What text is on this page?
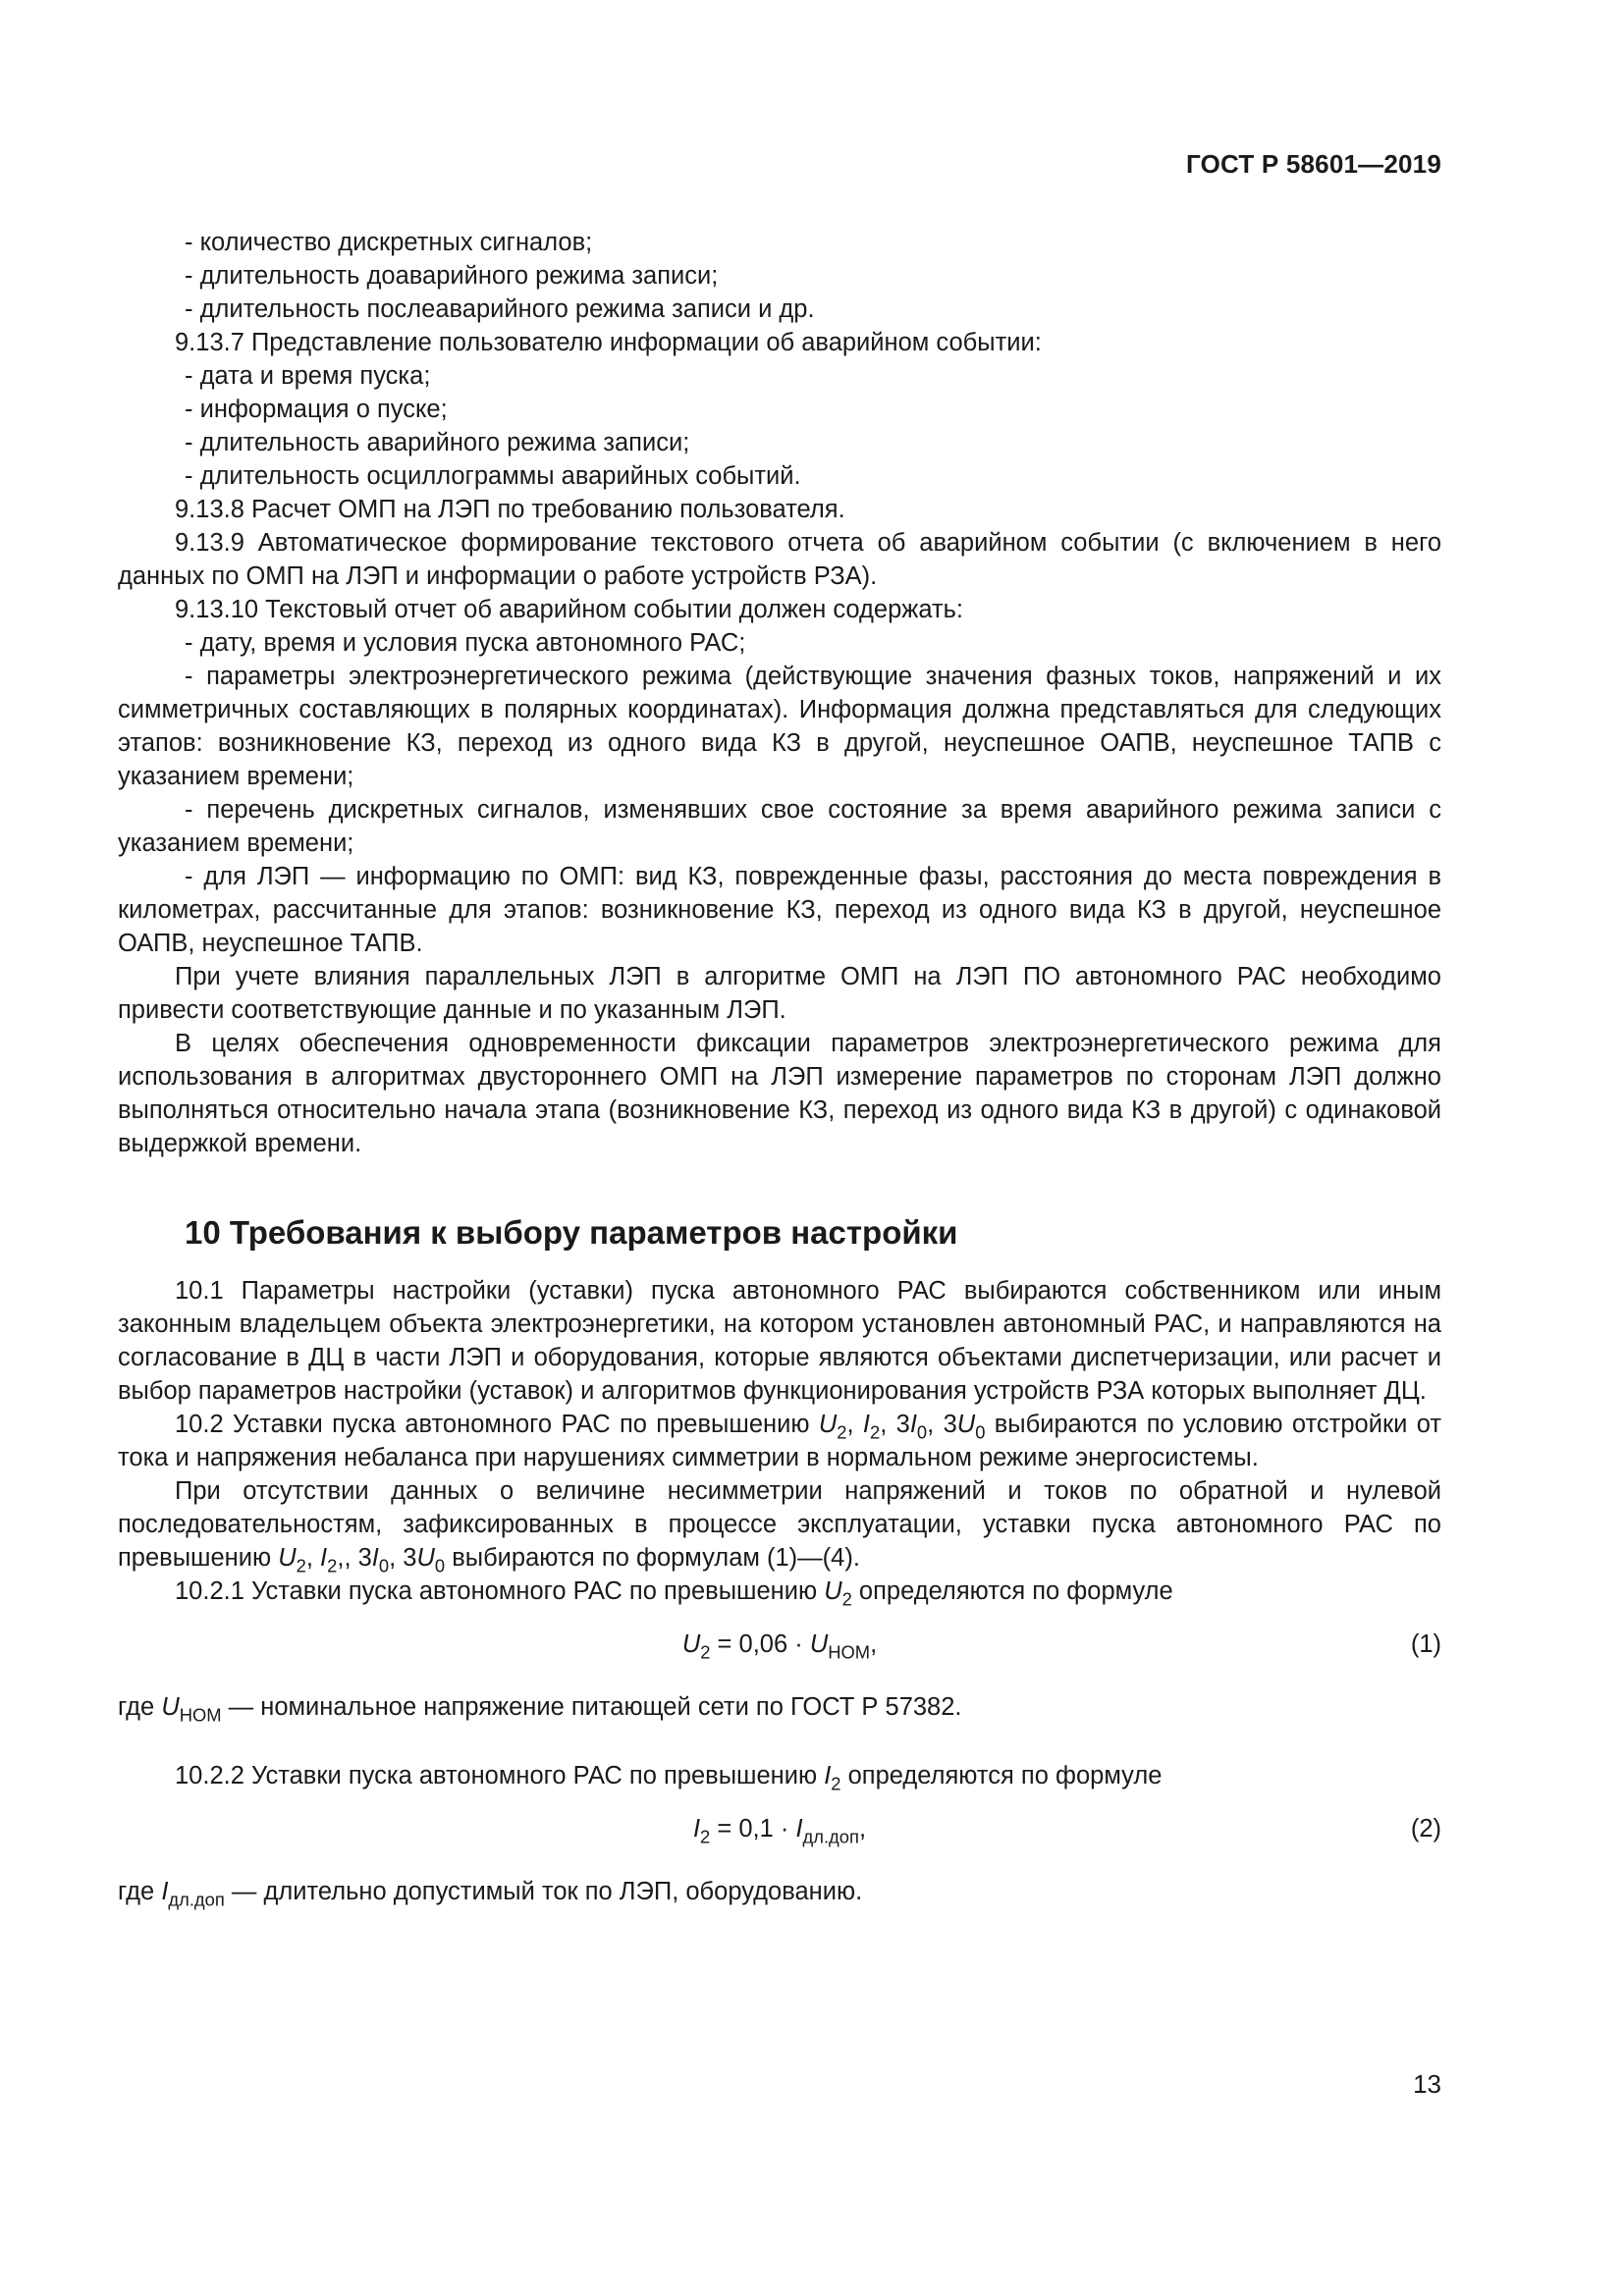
ГОСТ Р 58601—2019

- количество дискретных сигналов;

- длительность доаварийного режима записи;

- длительность послеаварийного режима записи и др.

9.13.7 Представление пользователю информации об аварийном событии:

- дата и время пуска;

- информация о пуске;

- длительность аварийного режима записи;

- длительность осциллограммы аварийных событий.

9.13.8 Расчет ОМП на ЛЭП по требованию пользователя.

9.13.9 Автоматическое формирование текстового отчета об аварийном событии (с включением в него данных по ОМП на ЛЭП и информации о работе устройств РЗА).

9.13.10 Текстовый отчет об аварийном событии должен содержать:

- дату, время и условия пуска автономного РАС;

- параметры электроэнергетического режима (действующие значения фазных токов, напряжений и их симметричных составляющих в полярных координатах). Информация должна представляться для следующих этапов: возникновение КЗ, переход из одного вида КЗ в другой, неуспешное ОАПВ, неуспешное ТАПВ с указанием времени;

- перечень дискретных сигналов, изменявших свое состояние за время аварийного режима записи с указанием времени;

- для ЛЭП — информацию по ОМП: вид КЗ, поврежденные фазы, расстояния до места повреждения в километрах, рассчитанные для этапов: возникновение КЗ, переход из одного вида КЗ в другой, неуспешное ОАПВ, неуспешное ТАПВ.

При учете влияния параллельных ЛЭП в алгоритме ОМП на ЛЭП ПО автономного РАС необходимо привести соответствующие данные и по указанным ЛЭП.

В целях обеспечения одновременности фиксации параметров электроэнергетического режима для использования в алгоритмах двустороннего ОМП на ЛЭП измерение параметров по сторонам ЛЭП должно выполняться относительно начала этапа (возникновение КЗ, переход из одного вида КЗ в другой) с одинаковой выдержкой времени.

10 Требования к выбору параметров настройки

10.1 Параметры настройки (уставки) пуска автономного РАС выбираются собственником или иным законным владельцем объекта электроэнергетики, на котором установлен автономный РАС, и направляются на согласование в ДЦ в части ЛЭП и оборудования, которые являются объектами диспетчеризации, или расчет и выбор параметров настройки (уставок) и алгоритмов функционирования устройств РЗА которых выполняет ДЦ.

10.2 Уставки пуска автономного РАС по превышению $U_2$, $I_2$, $3I_0$, $3U_0$ выбираются по условию отстройки от тока и напряжения небаланса при нарушениях симметрии в нормальном режиме энергосистемы.

При отсутствии данных о величине несимметрии напряжений и токов по обратной и нулевой последовательностям, зафиксированных в процессе эксплуатации, уставки пуска автономного РАС по превышению $U_2$, $I_2$,, $3I_0$, $3U_0$ выбираются по формулам (1)—(4).

10.2.1 Уставки пуска автономного РАС по превышению $U_2$ определяются по формуле

$U_2 = 0,06 \cdot U_{НОМ}$,	(1)

где $U_{НОМ}$ — номинальное напряжение питающей сети по ГОСТ Р 57382.

10.2.2 Уставки пуска автономного РАС по превышению $I_2$ определяются по формуле

$I_2 = 0,1 \cdot I_{дл.доп}$,	(2)

где $I_{дл.доп}$ — длительно допустимый ток по ЛЭП, оборудованию.

13
